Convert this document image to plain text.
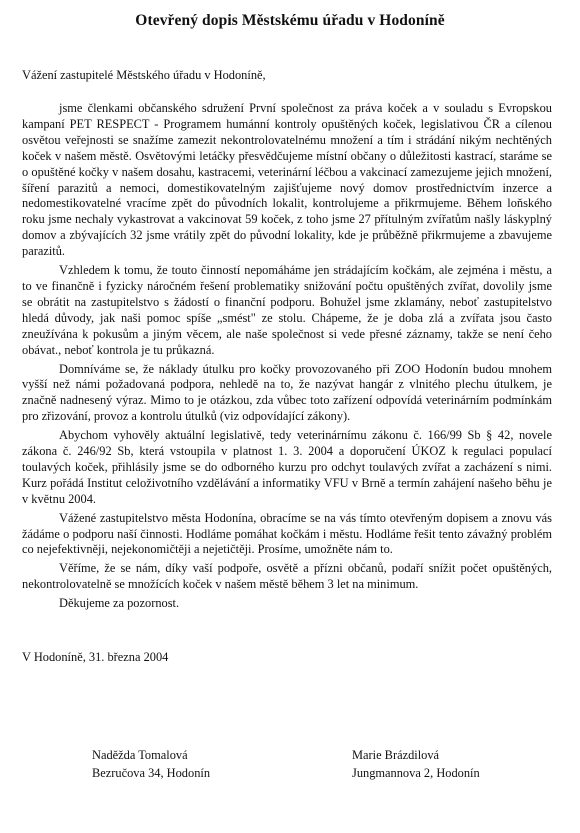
Otevřený dopis Městskému úřadu v Hodoníně
Vážení zastupitelé Městského úřadu v Hodoníně,

jsme členkami občanského sdružení První společnost za práva koček a v souladu s Evropskou kampaní PET RESPECT - Programem humánní kontroly opuštěných koček, legislativou ČR a cílenou osvětou veřejnosti se snažíme zamezit nekontrolovatelnému množení a tím i strádání nikým nechtěných koček v našem městě. Osvětovými letáčky přesvědčujeme místní občany o důležitosti kastrací, staráme se o opuštěné kočky v našem dosahu, kastracemi, veterinární léčbou a vakcinací zamezujeme jejich množení, šíření parazitů a nemoci, domestikovatelným zajišťujeme nový domov prostřednictvím inzerce a nedomestikovatelné vracíme zpět do původních lokalit, kontrolujeme a přikrmujeme. Během loňského roku jsme nechaly vykastrovat a vakcinovat 59 koček, z toho jsme 27 přítulným zvířatům našly láskyplný domov a zbývajících 32 jsme vrátily zpět do původní lokality, kde je průběžně přikrmujeme a zbavujeme parazitů.

Vzhledem k tomu, že touto činností nepomáháme jen strádajícím kočkám, ale zejména i městu, a to ve finančně i fyzicky náročném řešení problematiky snižování počtu opuštěných zvířat, dovolily jsme se obrátit na zastupitelstvo s žádostí o finanční podporu. Bohužel jsme zklamány, neboť zastupitelstvo hledá důvody, jak naši pomoc spíše „smést" ze stolu. Chápeme, že je doba zlá a zvířata jsou často zneužívána k pokusům a jiným věcem, ale naše společnost si vede přesné záznamy, takže se není čeho obávat., neboť kontrola je tu průkazná.

Domníváme se, že náklady útulku pro kočky provozovaného při ZOO Hodonín budou mnohem vyšší než námi požadovaná podpora, nehledě na to, že nazývat hangár z vlnitého plechu útulkem, je značně nadnesený výraz. Mimo to je otázkou, zda vůbec toto zařízení odpovídá veterinárním podmínkám pro zřizování, provoz a kontrolu útulků (viz odpovídající zákony).

Abychom vyhověly aktuální legislativě, tedy veterinárnímu zákonu č. 166/99 Sb § 42, novele zákona č. 246/92 Sb, která vstoupila v platnost 1. 3. 2004 a doporučení ÚKOZ k regulaci populací toulavých koček, přihlásily jsme se do odborného kurzu pro odchyt toulavých zvířat a zacházení s nimi. Kurz pořádá Institut celoživotního vzdělávání a informatiky VFU v Brně a termín zahájení našeho běhu je v květnu 2004.

Vážené zastupitelstvo města Hodonína, obracíme se na vás tímto otevřeným dopisem a znovu vás žádáme o podporu naší činnosti. Hodláme pomáhat kočkám i městu. Hodláme řešit tento závažný problém co nejefektivněji, nejekonomičtěji a nejetičtěji. Prosíme, umožněte nám to.

Věříme, že se nám, díky vaší podpoře, osvětě a přízni občanů, podaří snížit počet opuštěných, nekontrolovatelně se množících koček v našem městě během 3 let na minimum.

Děkujeme za pozornost.
V Hodoníně, 31. března 2004
Naděžda Tomalová
Bezručova 34, Hodonín
Marie Brázdilová
Jungmannova 2, Hodonín
